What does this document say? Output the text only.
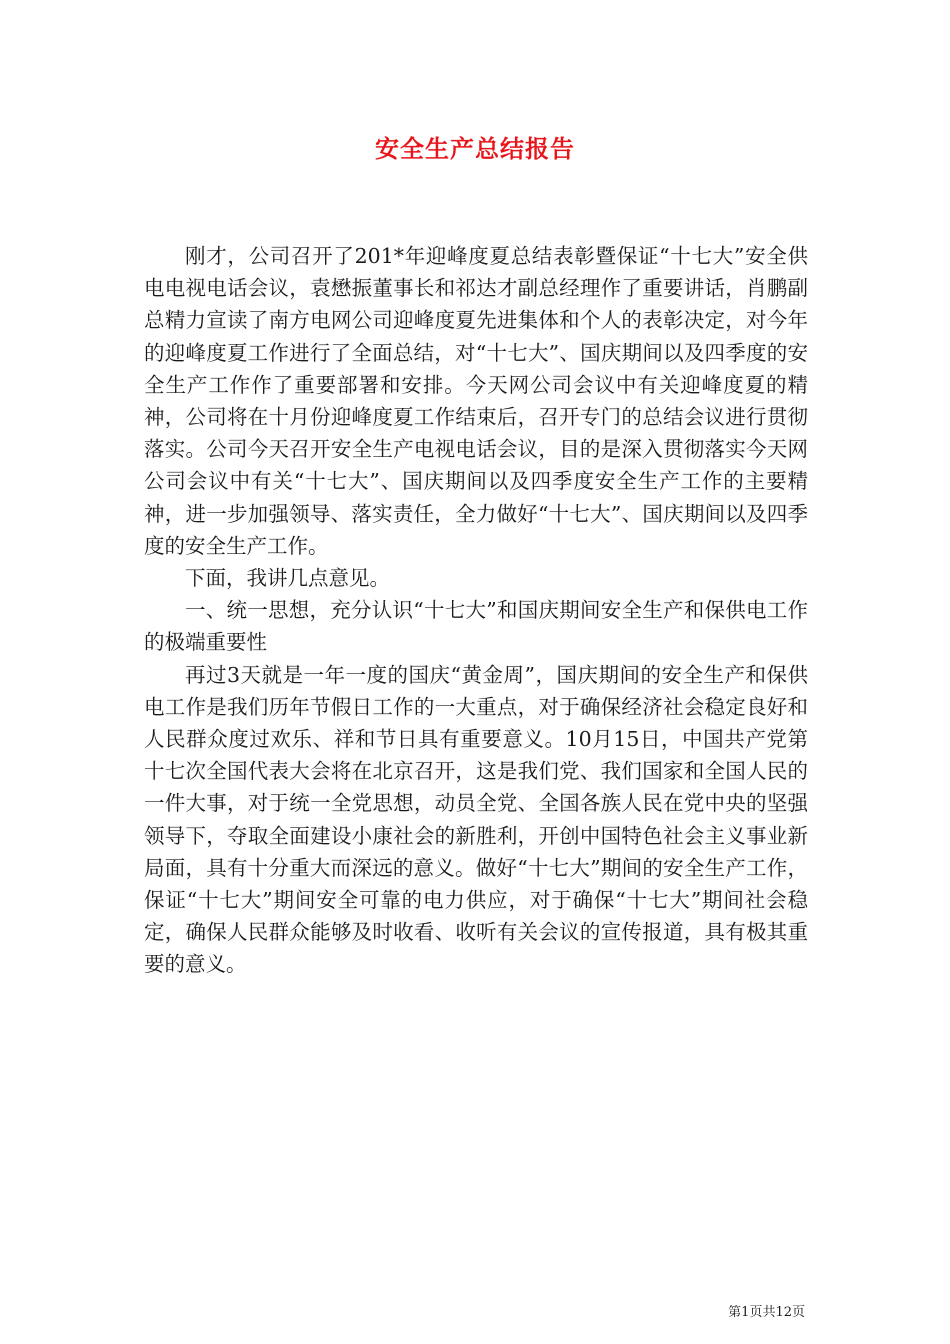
安全生产总结报告

刚才，公司召开了201*年迎峰度夏总结表彰暨保证“十七大”安全供电电视电话会议，袁懋振董事长和祁达才副总经理作了重要讲话，肖鹏副总精力宣读了南方电网公司迎峰度夏先进集体和个人的表彰决定，对今年的迎峰度夏工作进行了全面总结，对“十七大”、国庆期间以及四季度的安全生产工作作了重要部署和安排。今天网公司会议中有关迎峰度夏的精神，公司将在十月份迎峰度夏工作结束后，召开专门的总结会议进行贯彻落实。公司今天召开安全生产电视电话会议，目的是深入贯彻落实今天网公司会议中有关“十七大”、国庆期间以及四季度安全生产工作的主要精神，进一步加强领导、落实责任，全力做好“十七大”、国庆期间以及四季度的安全生产工作。

下面，我讲几点意见。

一、统一思想，充分认识“十七大”和国庆期间安全生产和保供电工作的极端重要性

再过3天就是一年一度的国庆“黄金周”，国庆期间的安全生产和保供电工作是我们历年节假日工作的一大重点，对于确保经济社会稳定良好和人民群众度过欢乐、祥和节日具有重要意义。10月15日，中国共产党第十七次全国代表大会将在北京召开，这是我们党、我们国家和全国人民的一件大事，对于统一全党思想，动员全党、全国各族人民在党中央的坚强领导下，夺取全面建设小康社会的新胜利，开创中国特色社会主义事业新局面，具有十分重大而深远的意义。做好“十七大”期间的安全生产工作，保证“十七大”期间安全可靠的电力供应，对于确保“十七大”期间社会稳定，确保人民群众能够及时收看、收听有关会议的宣传报道，具有极其重要的意义。

第1页共12页
